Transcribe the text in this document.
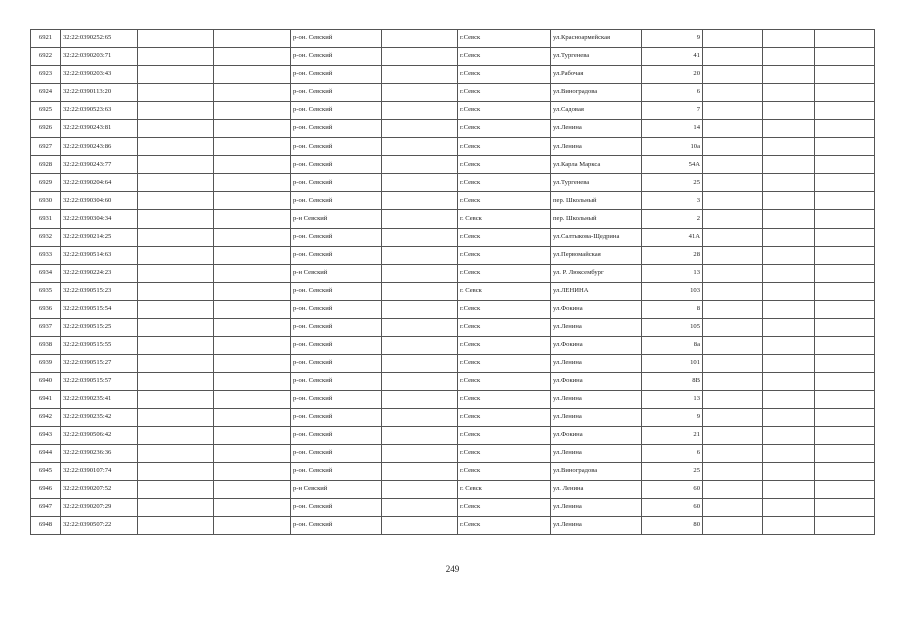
6921	32:22:0390252:65			р-он. Севский		г.Севск	ул.Красноармейская	9			
6922	32:22:0390203:71			р-он. Севский		г.Севск	ул.Тургенева	41			
6923	32:22:0390203:43			р-он. Севский		г.Севск	ул.Рабочая	20			
6924	32:22:0390113:20			р-он. Севский		г.Севск	ул.Виноградова	6			
6925	32:22:0390523:63			р-он. Севский		г.Севск	ул.Садовая	7			
6926	32:22:0390243:81			р-он. Севский		г.Севск	ул.Ленина	14			
6927	32:22:0390243:86			р-он. Севский		г.Севск	ул.Ленина	10а			
6928	32:22:0390243:77			р-он. Севский		г.Севск	ул.Карла Маркса	54А			
6929	32:22:0390204:64			р-он. Севский		г.Севск	ул.Тургенева	25			
6930	32:22:0390304:60			р-он. Севский		г.Севск	пер. Школьный	3			
6931	32:22:0390304:34			р-н Севский		г. Севск	пер. Школьный	2			
6932	32:22:0390214:25			р-он. Севский		г.Севск	ул.Салтыкова-Щедрина	41А			
6933	32:22:0390514:63			р-он. Севский		г.Севск	ул.Первомайская	28			
6934	32:22:0390224:23			р-н Севский		г.Севск	ул. Р. Люксембург	13			
6935	32:22:0390515:23			р-он. Севский		г. Севск	ул.ЛЕНИНА	103			
6936	32:22:0390515:54			р-он. Севский		г.Севск	ул.Фокина	8			
6937	32:22:0390515:25			р-он. Севский		г.Севск	ул.Ленина	105			
6938	32:22:0390515:55			р-он. Севский		г.Севск	ул.Фокина	8а			
6939	32:22:0390515:27			р-он. Севский		г.Севск	ул.Ленина	101			
6940	32:22:0390515:57			р-он. Севский		г.Севск	ул.Фокина	8В			
6941	32:22:0390235:41			р-он. Севский		г.Севск	ул.Ленина	13			
6942	32:22:0390235:42			р-он. Севский		г.Севск	ул.Ленина	9			
6943	32:22:0390506:42			р-он. Севский		г.Севск	ул.Фокина	21			
6944	32:22:0390236:36			р-он. Севский		г.Севск	ул.Ленина	6			
6945	32:22:0390107:74			р-он. Севский		г.Севск	ул.Виноградова	25			
6946	32:22:0390207:52			р-н Севский		г. Севск	ул. Ленина	60			
6947	32:22:0390207:29			р-он. Севский		г.Севск	ул.Ленина	60			
6948	32:22:0390507:22			р-он. Севский		г.Севск	ул.Ленина	80			
249
